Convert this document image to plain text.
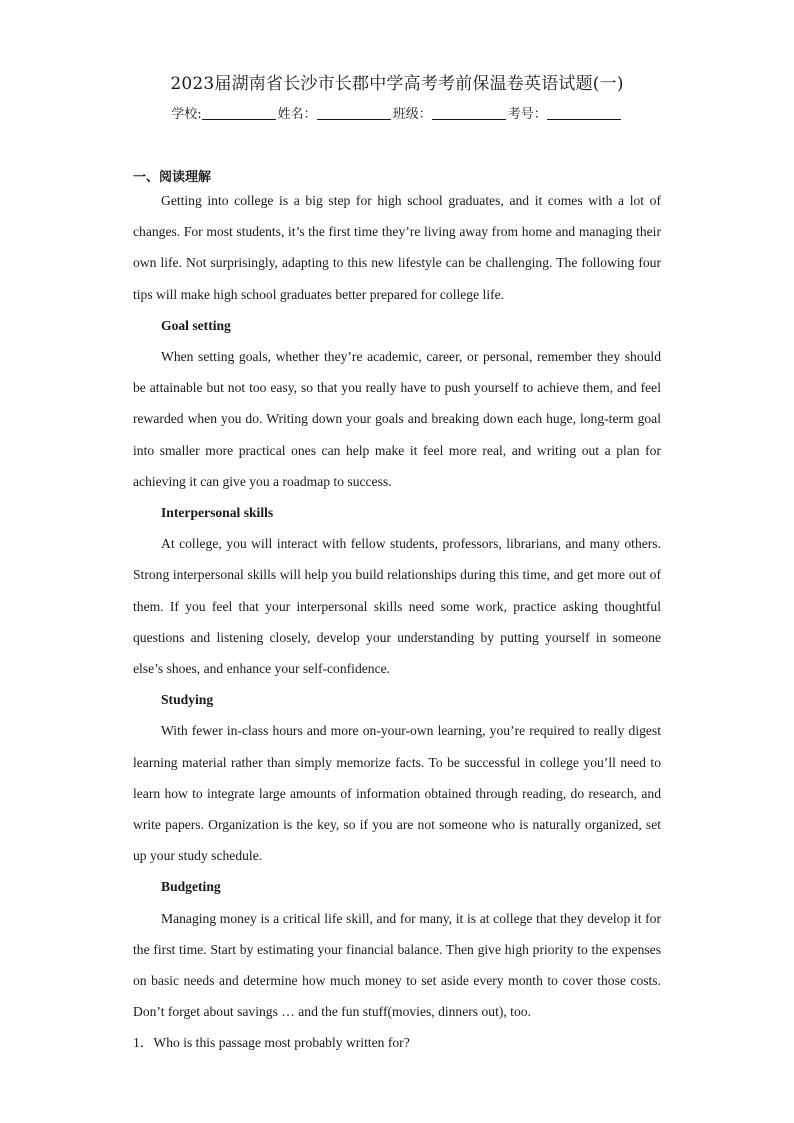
2023届湖南省长沙市长郡中学高考考前保温卷英语试题(一)
学校:	姓名：	班级：	考号：
一、阅读理解

Getting into college is a big step for high school graduates, and it comes with a lot of changes. For most students, it’s the first time they’re living away from home and managing their own life. Not surprisingly, adapting to this new lifestyle can be challenging. The following four tips will make high school graduates better prepared for college life.

Goal setting

When setting goals, whether they’re academic, career, or personal, remember they should be attainable but not too easy, so that you really have to push yourself to achieve them, and feel rewarded when you do. Writing down your goals and breaking down each huge, long-term goal into smaller more practical ones can help make it feel more real, and writing out a plan for achieving it can give you a roadmap to success.

Interpersonal skills

At college, you will interact with fellow students, professors, librarians, and many others. Strong interpersonal skills will help you build relationships during this time, and get more out of them. If you feel that your interpersonal skills need some work, practice asking thoughtful questions and listening closely, develop your understanding by putting yourself in someone else’s shoes, and enhance your self-confidence.

Studying

With fewer in-class hours and more on-your-own learning, you’re required to really digest learning material rather than simply memorize facts. To be successful in college you’ll need to learn how to integrate large amounts of information obtained through reading, do research, and write papers. Organization is the key, so if you are not someone who is naturally organized, set up your study schedule.

Budgeting

Managing money is a critical life skill, and for many, it is at college that they develop it for the first time. Start by estimating your financial balance. Then give high priority to the expenses on basic needs and determine how much money to set aside every month to cover those costs. Don’t forget about savings … and the fun stuff(movies, dinners out), too.

1．Who is this passage most probably written for?
